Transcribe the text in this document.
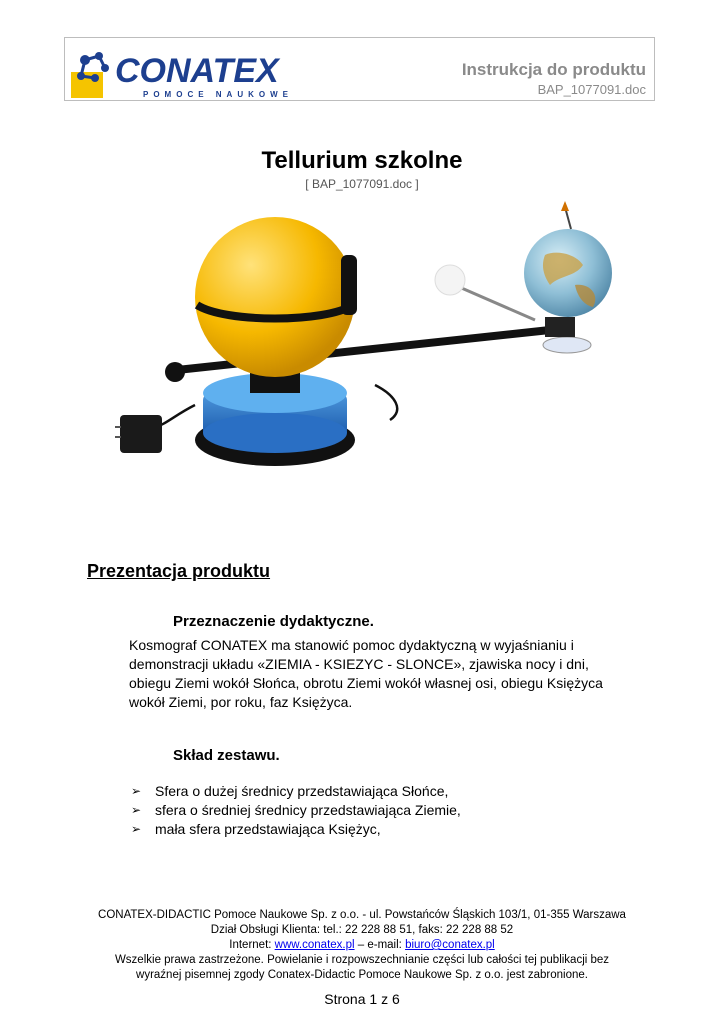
CONATEX
POMOCE NAUKOWE
Instrukcja do produktu
BAP_1077091.doc
Tellurium szkolne
[ BAP_1077091.doc ]
Prezentacja produktu
Przeznaczenie dydaktyczne.
Kosmograf CONATEX ma stanowić pomoc dydaktyczną w wyjaśnianiu i
demonstracji układu «ZIEMIA - KSIEZYC - SLONCE», zjawiska nocy i dni,
obiegu Ziemi wokół Słońca, obrotu Ziemi wokół własnej osi, obiegu Księżyca
wokół Ziemi, por roku, faz Księżyca.
Skład zestawu.
➢ Sfera o dużej średnicy przedstawiająca Słońce,
➢ sfera o średniej średnicy przedstawiająca Ziemie,
➢ mała sfera przedstawiająca Księżyc,
CONATEX-DIDACTIC Pomoce Naukowe Sp. z o.o. - ul. Powstańców Śląskich 103/1, 01-355 Warszawa
Dział Obsługi Klienta: tel.: 22 228 88 51, faks: 22 228 88 52
Internet: www.conatex.pl – e-mail: biuro@conatex.pl
Wszelkie prawa zastrzeżone. Powielanie i rozpowszechnianie części lub całości tej publikacji bez
wyraźnej pisemnej zgody Conatex-Didactic Pomoce Naukowe Sp. z o.o. jest zabronione.
Strona 1 z 6
